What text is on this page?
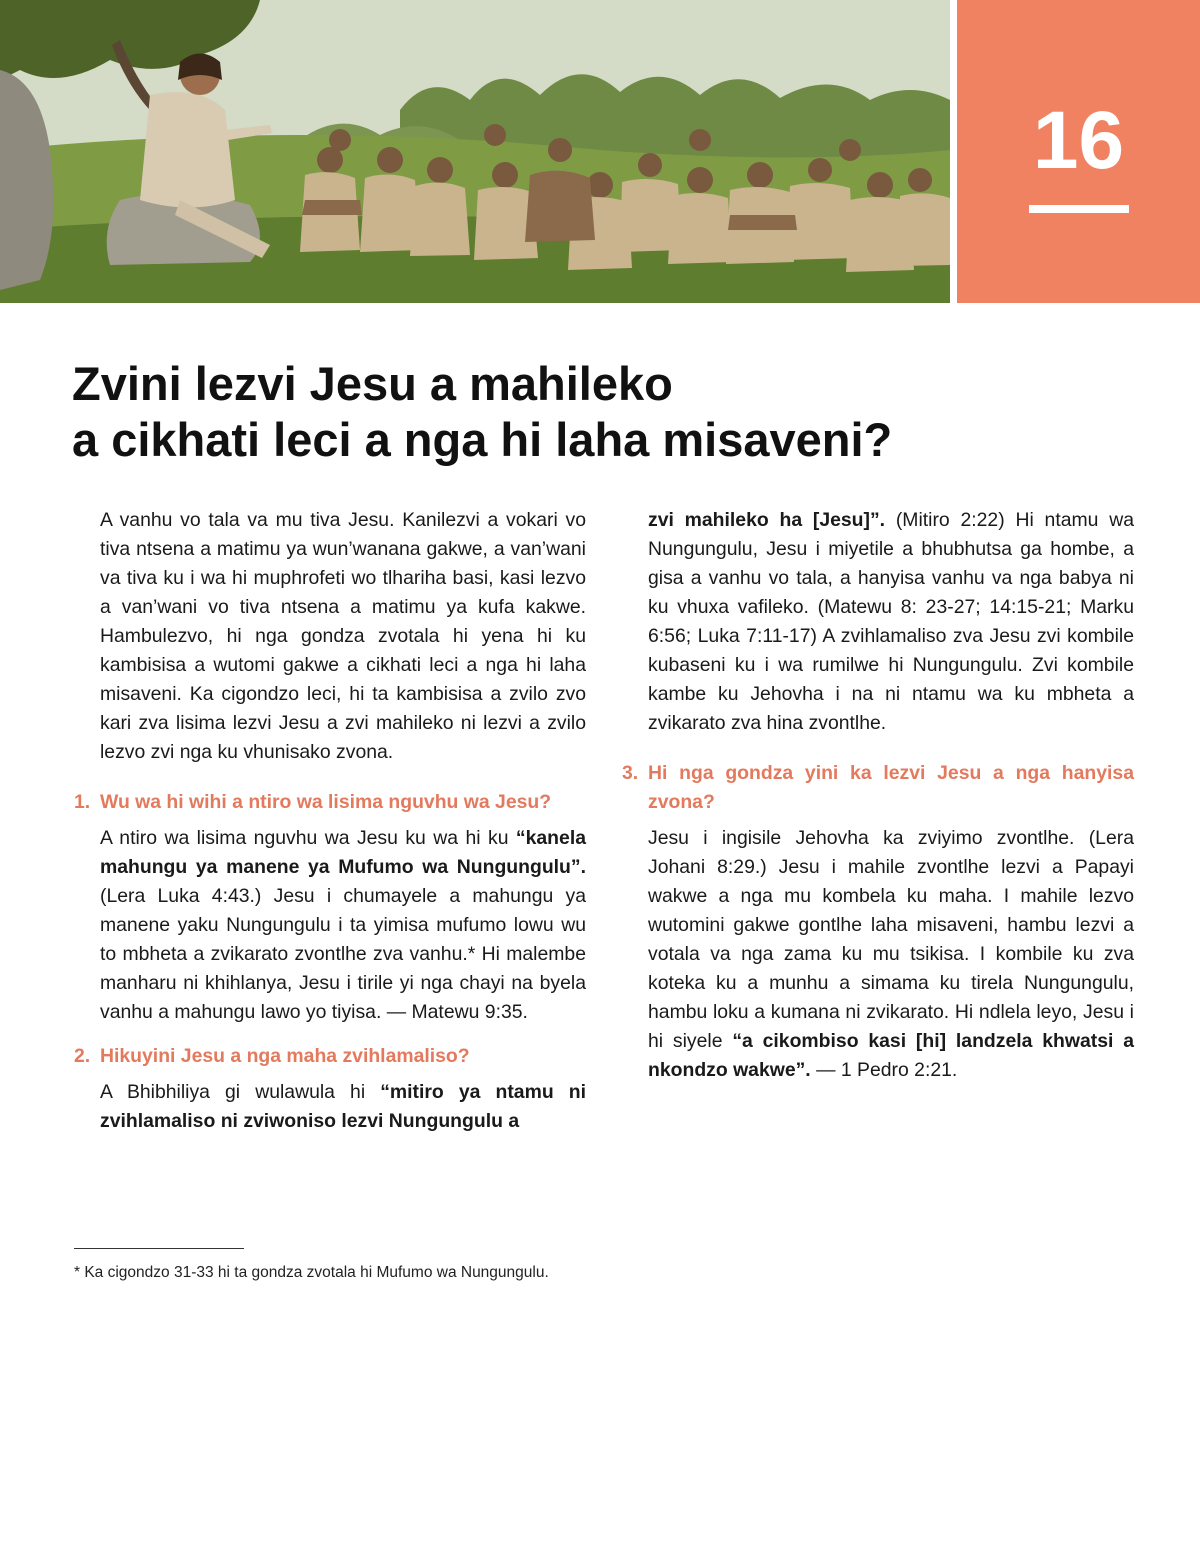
16
Zvini lezvi Jesu a mahileko
a cikhati leci a nga hi laha misaveni?

A vanhu vo tala va mu tiva Jesu. Kanilezvi a vokari vo tiva ntsena a matimu ya wun’wanana gakwe, a van’wani va tiva ku i wa hi muphrofeti wo tlhariha basi, kasi lezvo a van’wani vo tiva ntsena a matimu ya kufa kakwe. Hambulezvo, hi nga gondza zvotala hi yena hi ku kambisisa a wutomi gakwe a cikhati leci a nga hi laha misaveni. Ka cigondzo leci, hi ta kambisisa a zvilo zvo kari zva lisima lezvi Jesu a zvi mahileko ni lezvi a zvilo lezvo zvi nga ku vhunisako zvona.

1. Wu wa hi wihi a ntiro wa lisima nguvhu wa Jesu?

A ntiro wa lisima nguvhu wa Jesu ku wa hi ku “kanela mahungu ya manene ya Mufumo wa Nungungulu”. (Lera Luka 4:43.) Jesu i chumayele a mahungu ya manene yaku Nungungulu i ta yimisa mufumo lowu wu to mbheta a zvikarato zvontlhe zva vanhu.* Hi malembe manharu ni khihlanya, Jesu i tirile yi nga chayi na byela vanhu a mahungu lawo yo tiyisa. — Matewu 9:35.

2. Hikuyini Jesu a nga maha zvihlamaliso?

A Bhibhiliya gi wulawula hi “mitiro ya ntamu ni zvihlamaliso ni zviwoniso lezvi Nungungulu a

zvi mahileko ha [Jesu]”. (Mitiro 2:22) Hi ntamu wa Nungungulu, Jesu i miyetile a bhubhutsa ga hombe, a gisa a vanhu vo tala, a hanyisa vanhu va nga babya ni ku vhuxa vafileko. (Matewu 8: 23-27; 14:15-21; Marku 6:56; Luka 7:11-17) A zvihlamaliso zva Jesu zvi kombile kubaseni ku i wa rumilwe hi Nungungulu. Zvi kombile kambe ku Jehovha i na ni ntamu wa ku mbheta a zvikarato zva hina zvontlhe.

3. Hi nga gondza yini ka lezvi Jesu a nga hanyisa zvona?

Jesu i ingisile Jehovha ka zviyimo zvontlhe. (Lera Johani 8:29.) Jesu i mahile zvontlhe lezvi a Papayi wakwe a nga mu kombela ku maha. I mahile lezvo wutomini gakwe gontlhe laha misaveni, hambu lezvi a votala va nga zama ku mu tsikisa. I kombile ku zva koteka ku a munhu a simama ku tirela Nungungulu, hambu loku a kumana ni zvikarato. Hi ndlela leyo, Jesu i hi siyele “a cikombiso kasi [hi] landzela khwatsi a nkondzo wakwe”. — 1 Pedro 2:21.

* Ka cigondzo 31-33 hi ta gondza zvotala hi Mufumo wa Nungungulu.
